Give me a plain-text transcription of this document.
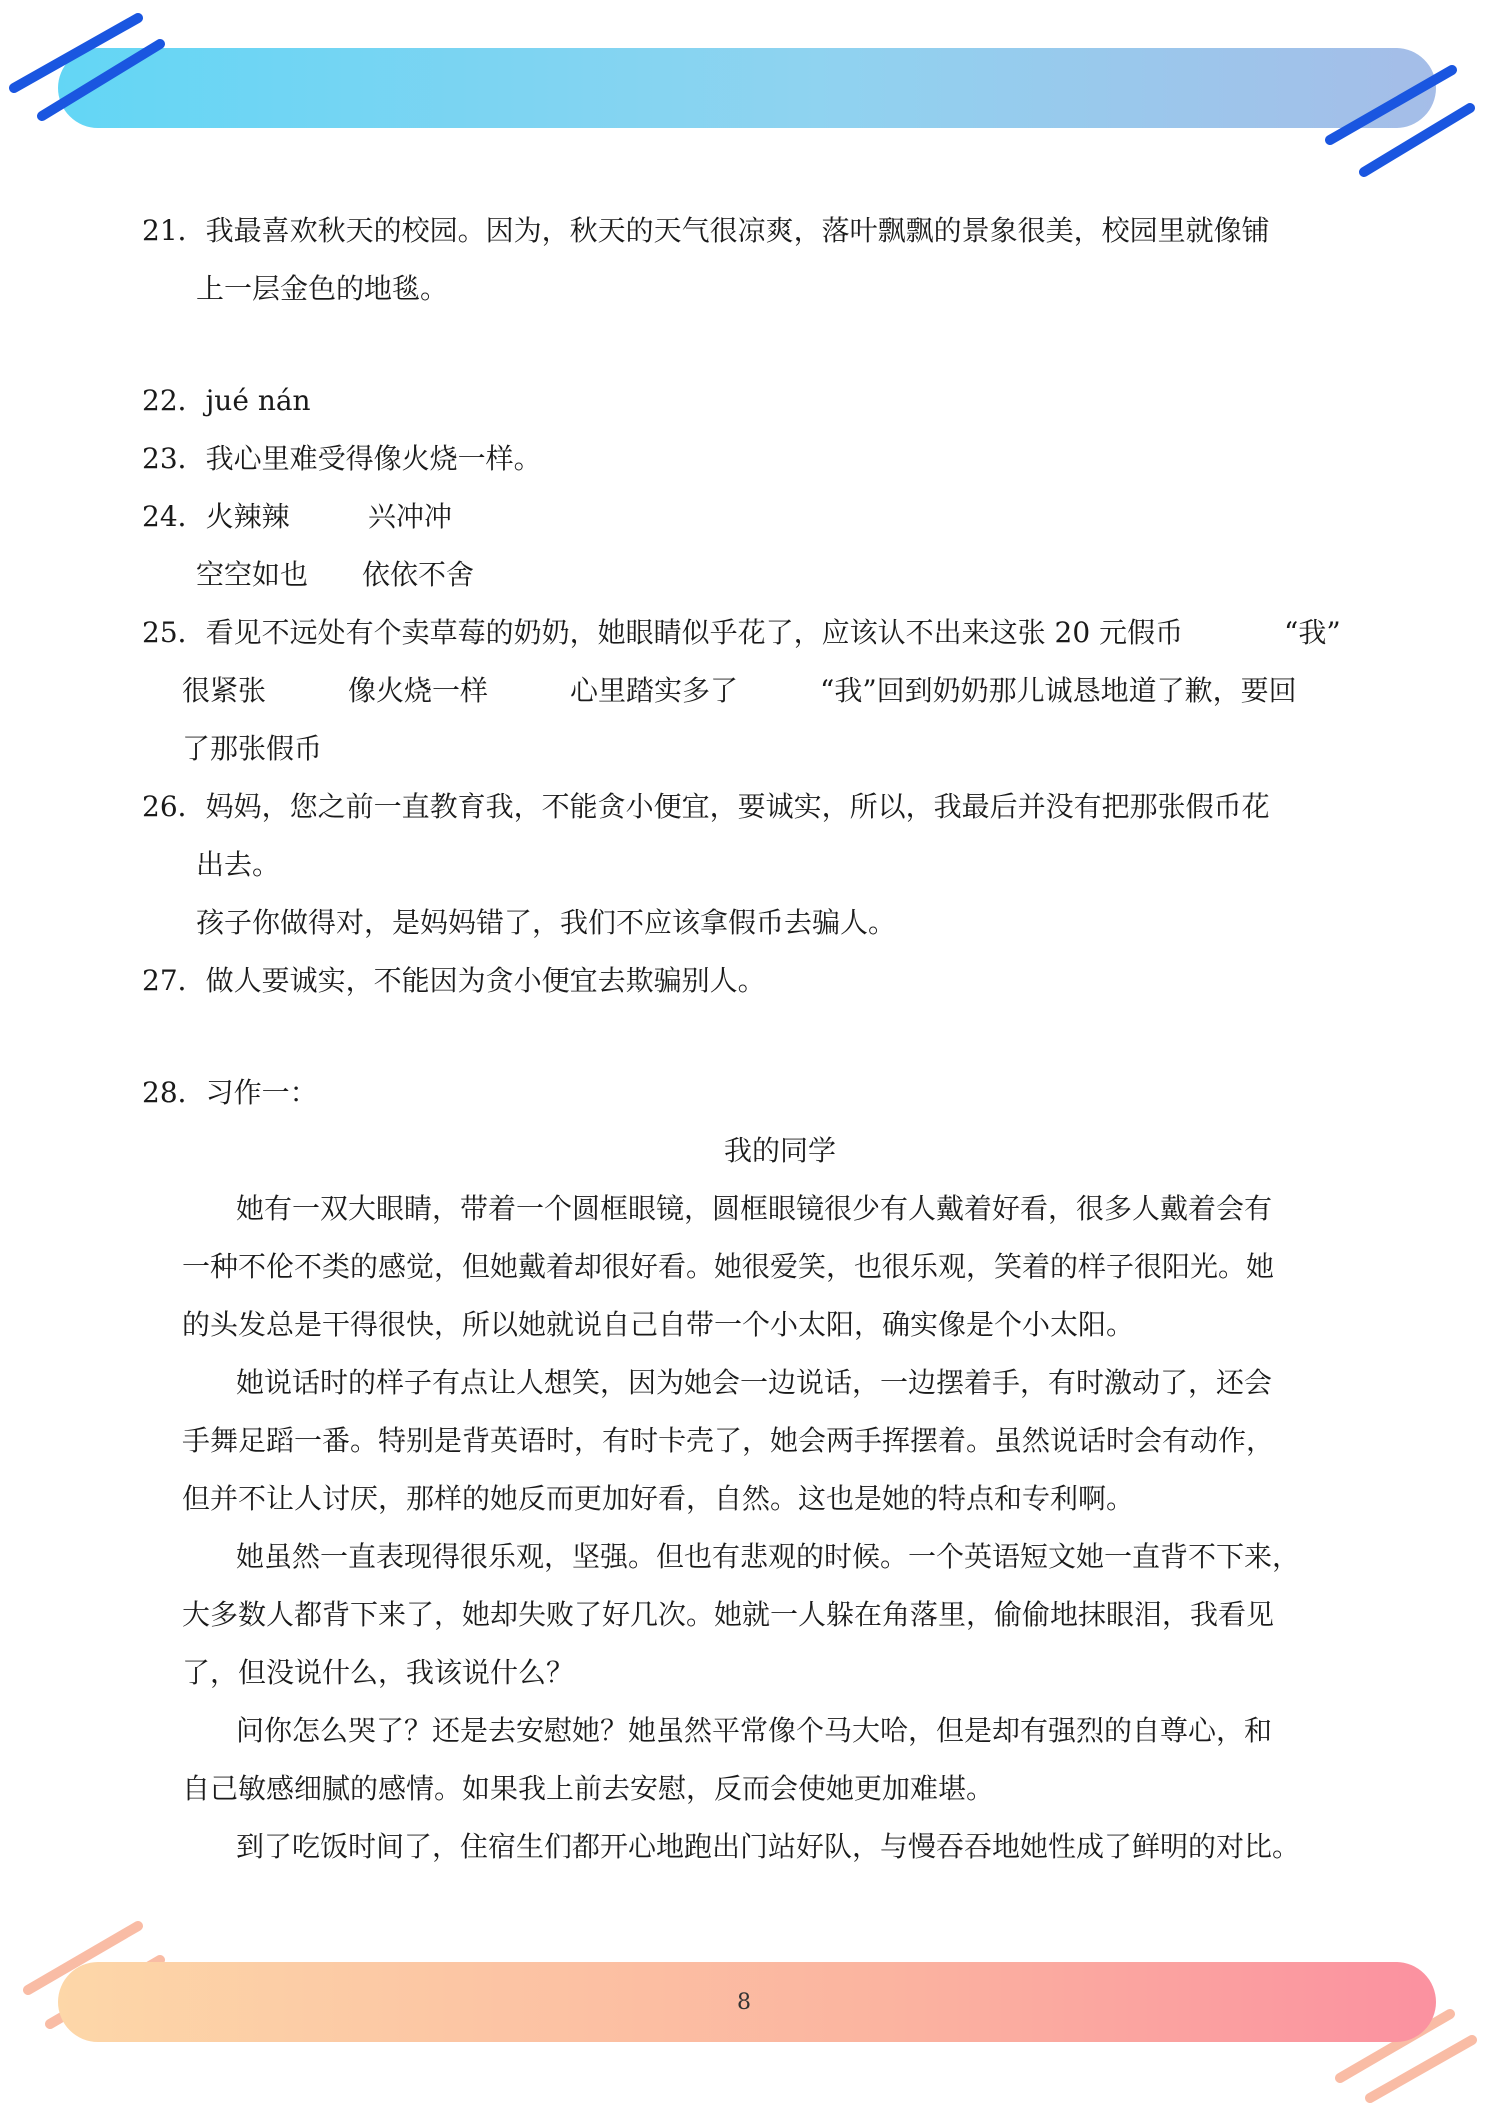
21．我最喜欢秋天的校园。因为，秋天的天气很凉爽，落叶飘飘的景象很美，校园里就像铺
上一层金色的地毯。
22．jué nán
23．我心里难受得像火烧一样。
24．火辣辣	兴冲冲
空空如也 依依不舍
25．看见不远处有个卖草莓的奶奶，她眼睛似乎花了，应该认不出来这张 20 元假币	“我”
很紧张	像火烧一样	心里踏实多了	“我”回到奶奶那儿诚恳地道了歉，要回
了那张假币
26．妈妈，您之前一直教育我，不能贪小便宜，要诚实，所以，我最后并没有把那张假币花
出去。
孩子你做得对，是妈妈错了，我们不应该拿假币去骗人。
27．做人要诚实，不能因为贪小便宜去欺骗别人。
28．习作一：
我的同学
她有一双大眼睛，带着一个圆框眼镜，圆框眼镜很少有人戴着好看，很多人戴着会有
一种不伦不类的感觉，但她戴着却很好看。她很爱笑，也很乐观，笑着的样子很阳光。她
的头发总是干得很快，所以她就说自己自带一个小太阳，确实像是个小太阳。
她说话时的样子有点让人想笑，因为她会一边说话，一边摆着手，有时激动了，还会
手舞足蹈一番。特别是背英语时，有时卡壳了，她会两手挥摆着。虽然说话时会有动作，
但并不让人讨厌，那样的她反而更加好看，自然。这也是她的特点和专利啊。
她虽然一直表现得很乐观，坚强。但也有悲观的时候。一个英语短文她一直背不下来，
大多数人都背下来了，她却失败了好几次。她就一人躲在角落里，偷偷地抹眼泪，我看见
了，但没说什么，我该说什么？
问你怎么哭了？还是去安慰她？她虽然平常像个马大哈，但是却有强烈的自尊心，和
自己敏感细腻的感情。如果我上前去安慰，反而会使她更加难堪。
到了吃饭时间了，住宿生们都开心地跑出门站好队，与慢吞吞地她性成了鲜明的对比。
8
